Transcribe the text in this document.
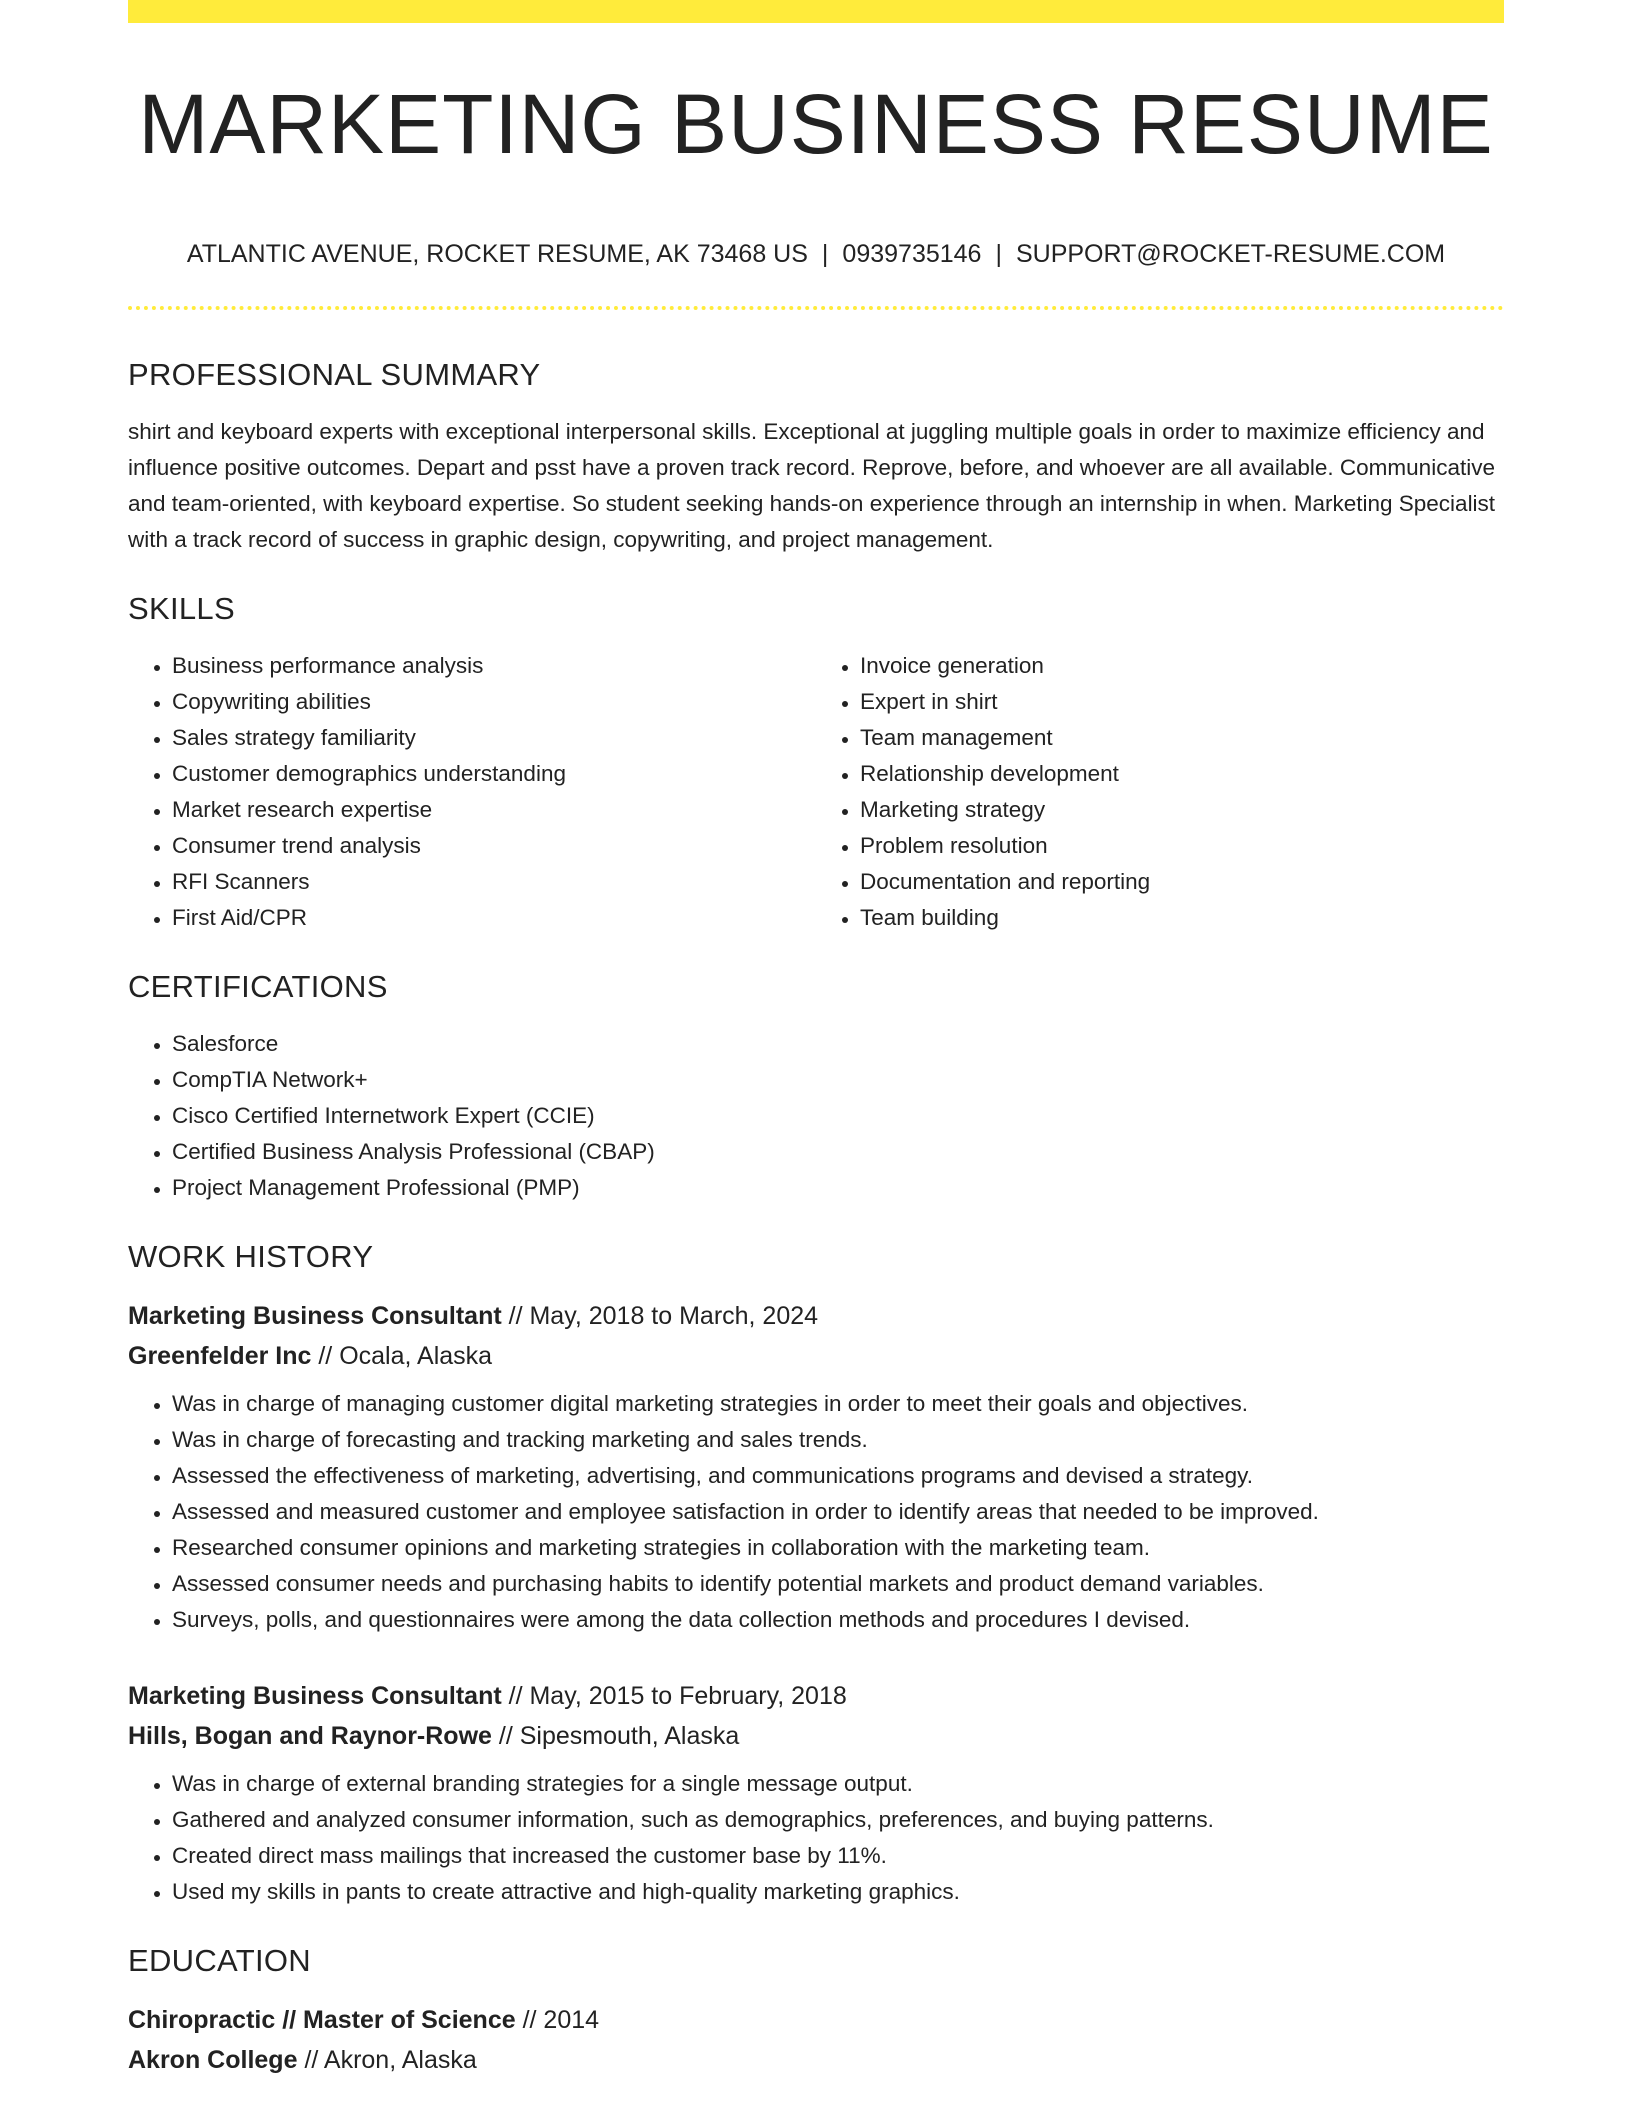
MARKETING BUSINESS RESUME
ATLANTIC AVENUE, ROCKET RESUME, AK 73468 US | 0939735146 | SUPPORT@ROCKET-RESUME.COM
PROFESSIONAL SUMMARY

shirt and keyboard experts with exceptional interpersonal skills. Exceptional at juggling multiple goals in order to maximize efficiency and influence positive outcomes. Depart and psst have a proven track record. Reprove, before, and whoever are all available. Communicative and team-oriented, with keyboard expertise. So student seeking hands-on experience through an internship in when. Marketing Specialist with a track record of success in graphic design, copywriting, and project management.

SKILLS
• Business performance analysis
• Copywriting abilities
• Sales strategy familiarity
• Customer demographics understanding
• Market research expertise
• Consumer trend analysis
• RFI Scanners
• First Aid/CPR
• Invoice generation
• Expert in shirt
• Team management
• Relationship development
• Marketing strategy
• Problem resolution
• Documentation and reporting
• Team building
CERTIFICATIONS
• Salesforce
• CompTIA Network+
• Cisco Certified Internetwork Expert (CCIE)
• Certified Business Analysis Professional (CBAP)
• Project Management Professional (PMP)
WORK HISTORY
Marketing Business Consultant // May, 2018 to March, 2024
Greenfelder Inc // Ocala, Alaska
• Was in charge of managing customer digital marketing strategies in order to meet their goals and objectives.
• Was in charge of forecasting and tracking marketing and sales trends.
• Assessed the effectiveness of marketing, advertising, and communications programs and devised a strategy.
• Assessed and measured customer and employee satisfaction in order to identify areas that needed to be improved.
• Researched consumer opinions and marketing strategies in collaboration with the marketing team.
• Assessed consumer needs and purchasing habits to identify potential markets and product demand variables.
• Surveys, polls, and questionnaires were among the data collection methods and procedures I devised.
Marketing Business Consultant // May, 2015 to February, 2018
Hills, Bogan and Raynor-Rowe // Sipesmouth, Alaska
• Was in charge of external branding strategies for a single message output.
• Gathered and analyzed consumer information, such as demographics, preferences, and buying patterns.
• Created direct mass mailings that increased the customer base by 11%.
• Used my skills in pants to create attractive and high-quality marketing graphics.
EDUCATION
Chiropractic // Master of Science // 2014
Akron College // Akron, Alaska
